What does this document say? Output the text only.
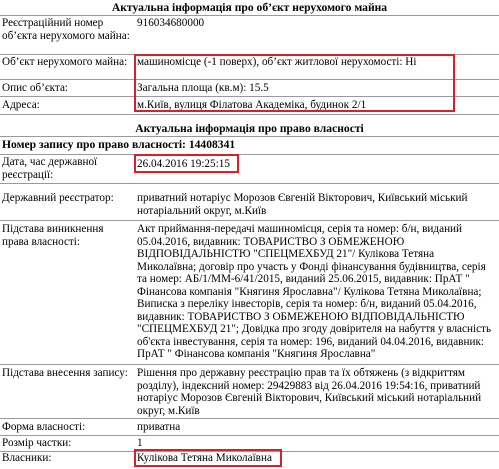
Актуальна інформація про об’єкт нерухомого майна
Реєстраційний номер об’єкта нерухомого майна:
916034680000
Об’єкт нерухомого майна: машиномісце (-1 поверх), об’єкт житлової нерухомості: Ні
Опис об’єкта:	Загальна площа (кв.м): 15.5
Адреса:	м.Київ, вулиця Філатова Академіка, будинок 2/1
Актуальна інформація про право власності
Номер запису про право власності: 14408341
Дата, час державної реєстрації:
26.04.2016 19:25:15
Державний реєстратор:	приватний нотаріус Морозов Євгеній Вікторович, Київський міський нотаріальний округ, м.Київ
Підстава виникнення права власності:
Акт приймання-передачі машиномісця, серія та номер: б/н, виданий 05.04.2016, видавник: ТОВАРИСТВО З ОБМЕЖЕНОЮ ВІДПОВІДАЛЬНІСТЮ "СПЕЦМЕХБУД 21"/ Кулікова Тетяна Миколаївна; договір про участь у Фонді фінансування будівництва, серія та номер: АБ/1/ММ-6/41/2015, виданий 25.06.2015, видавник: ПрАТ " Фінансова компанія "Княгиня Ярославна"/ Кулікова Тетяна Миколаївна; Виписка з переліку інвесторів, серія та номер: б/н, виданий 05.04.2016, видавник: ТОВАРИСТВО З ОБМЕЖЕНОЮ ВІДПОВІДАЛЬНІСТЮ "СПЕЦМЕХБУД 21"; Довідка про згоду довірителя на набуття у власність об'єкта інвестування, серія та номер: 196, виданий 04.04.2016, видавник: ПрАТ " Фінансова компанія "Княгиня Ярославна"
Підстава внесення запису: Рішення про державну реєстрацію прав та їх обтяжень (з відкриттям розділу), індексний номер: 29429883 від 26.04.2016 19:54:16, приватний нотаріус Морозов Євгеній Вікторович, Київський міський нотаріальний округ, м.Київ
Форма власності:	приватна
Розмір частки:	1
Власники:	Кулікова Тетяна Миколаївна
